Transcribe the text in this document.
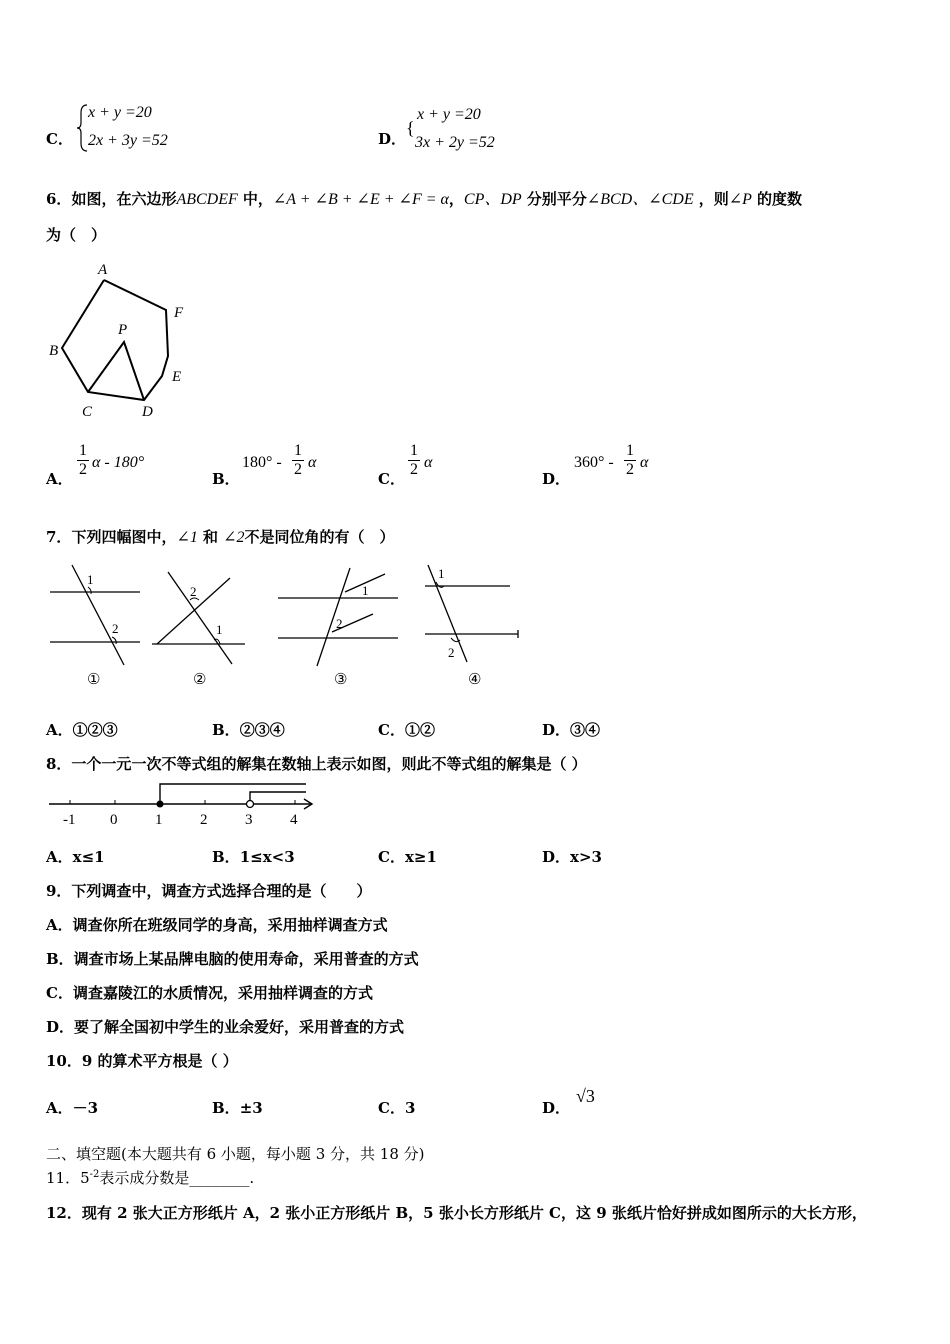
C．
x + y =20
2x + 3y =52	D．
{
x + y =20
3x + 2y =52
6．如图，在六边形ABCDEF 中，∠A + ∠B + ∠E + ∠F = α，CP、DP 分别平分∠BCD、∠CDE ，则∠P 的度数
为（　）
A
F
P
B
E
C	D
A． $\frac{1}{2}$ α - 180°
B．
$180^\circ - \frac{1}{2}$ α
C． $\frac{1}{2}$ α
D．
$360^\circ - \frac{1}{2}$ α
7．下列四幅图中，∠1 和 ∠2不是同位角的有（　）
1
2
①
2
1
②
1
2
③
1
2
④
A．①②③	B．②③④	C．①②	D．③④
8．一个一元一次不等式组的解集在数轴上表示如图，则此不等式组的解集是（ ）
-1 0	1	2	3	4
A．x≤1	B．1≤x<3	C．x≥1	D．x>3
9．下列调查中，调查方式选择合理的是（　　）
A．调查你所在班级同学的身高，采用抽样调查方式
B．调查市场上某品牌电脑的使用寿命，采用普查的方式
C．调查嘉陵江的水质情况，采用抽样调查的方式
D．要了解全国初中学生的业余爱好，采用普查的方式
10．9 的算术平方根是（ ）
A．－3	B．±3	C．3	D．
√3
二、填空题(本大题共有 6 小题，每小题 3 分，共 18 分)
11．$5^{-2}$表示成分数是________.
12．现有 2 张大正方形纸片 A，2 张小正方形纸片 B，5 张小长方形纸片 C，这 9 张纸片恰好拼成如图所示的大长方形，
